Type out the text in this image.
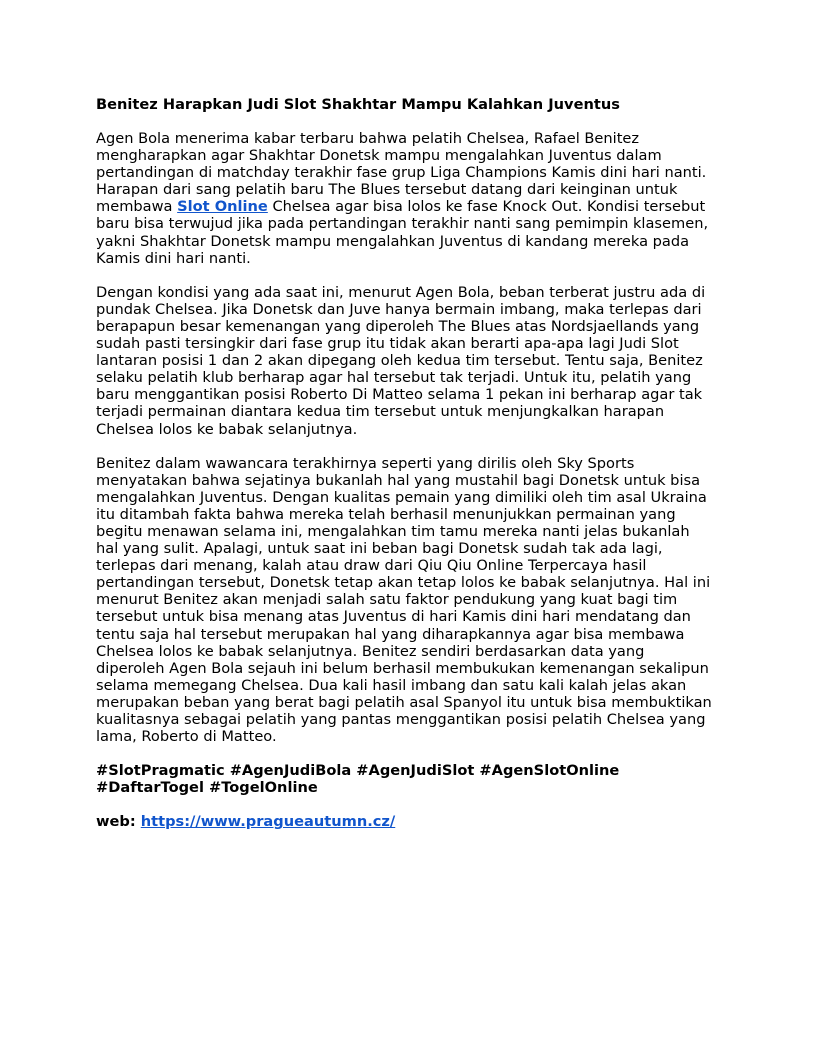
Benitez Harapkan Judi Slot Shakhtar Mampu Kalahkan Juventus
Agen Bola menerima kabar terbaru bahwa pelatih Chelsea, Rafael Benitez
mengharapkan agar Shakhtar Donetsk mampu mengalahkan Juventus dalam
pertandingan di matchday terakhir fase grup Liga Champions Kamis dini hari nanti.
Harapan dari sang pelatih baru The Blues tersebut datang dari keinginan untuk
membawa Slot Online Chelsea agar bisa lolos ke fase Knock Out. Kondisi tersebut
baru bisa terwujud jika pada pertandingan terakhir nanti sang pemimpin klasemen,
yakni Shakhtar Donetsk mampu mengalahkan Juventus di kandang mereka pada
Kamis dini hari nanti.
Dengan kondisi yang ada saat ini, menurut Agen Bola, beban terberat justru ada di
pundak Chelsea. Jika Donetsk dan Juve hanya bermain imbang, maka terlepas dari
berapapun besar kemenangan yang diperoleh The Blues atas Nordsjaellands yang
sudah pasti tersingkir dari fase grup itu tidak akan berarti apa-apa lagi Judi Slot
lantaran posisi 1 dan 2 akan dipegang oleh kedua tim tersebut. Tentu saja, Benitez
selaku pelatih klub berharap agar hal tersebut tak terjadi. Untuk itu, pelatih yang
baru menggantikan posisi Roberto Di Matteo selama 1 pekan ini berharap agar tak
terjadi permainan diantara kedua tim tersebut untuk menjungkalkan harapan
Chelsea lolos ke babak selanjutnya.
Benitez dalam wawancara terakhirnya seperti yang dirilis oleh Sky Sports
menyatakan bahwa sejatinya bukanlah hal yang mustahil bagi Donetsk untuk bisa
mengalahkan Juventus. Dengan kualitas pemain yang dimiliki oleh tim asal Ukraina
itu ditambah fakta bahwa mereka telah berhasil menunjukkan permainan yang
begitu menawan selama ini, mengalahkan tim tamu mereka nanti jelas bukanlah
hal yang sulit. Apalagi, untuk saat ini beban bagi Donetsk sudah tak ada lagi,
terlepas dari menang, kalah atau draw dari Qiu Qiu Online Terpercaya hasil
pertandingan tersebut, Donetsk tetap akan tetap lolos ke babak selanjutnya. Hal ini
menurut Benitez akan menjadi salah satu faktor pendukung yang kuat bagi tim
tersebut untuk bisa menang atas Juventus di hari Kamis dini hari mendatang dan
tentu saja hal tersebut merupakan hal yang diharapkannya agar bisa membawa
Chelsea lolos ke babak selanjutnya. Benitez sendiri berdasarkan data yang
diperoleh Agen Bola sejauh ini belum berhasil membukukan kemenangan sekalipun
selama memegang Chelsea. Dua kali hasil imbang dan satu kali kalah jelas akan
merupakan beban yang berat bagi pelatih asal Spanyol itu untuk bisa membuktikan
kualitasnya sebagai pelatih yang pantas menggantikan posisi pelatih Chelsea yang
lama, Roberto di Matteo.
#SlotPragmatic #AgenJudiBola #AgenJudiSlot #AgenSlotOnline
#DaftarTogel #TogelOnline
web: https://www.pragueautumn.cz/
